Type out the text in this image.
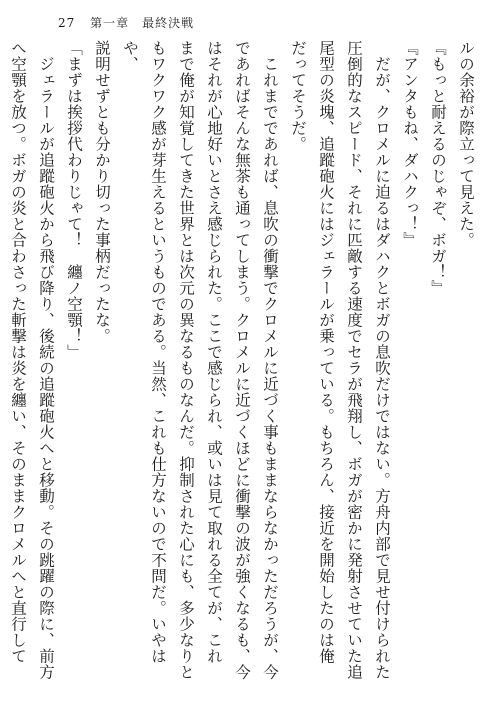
27 第一章　最終決戦

ルの余裕が際立って見えた。

『もっと耐えるのじゃぞ、ボガ！』

『アンタもね、ダハクっ！』

　だが、クロメルに迫るはダハクとボガの息吹だけではない。方舟内部で見せ付けられた

圧倒的なスピード、それに匹敵する速度でセラが飛翔し、ボガが密かに発射させていた追

尾型の炎塊、追蹤砲火にはジェラールが乗っている。もちろん、接近を開始したのは俺

だってそうだ。

　これまでであれば、息吹の衝撃でクロメルに近づく事もままならなかっただろうが、今

であればそんな無茶も通ってしまう。クロメルに近づくほどに衝撃の波が強くなるも、今

はそれが心地好いとさえ感じられた。ここで感じられ、或いは見て取れる全てが、これ

まで俺が知覚してきた世界とは次元の異なるものなんだ。抑制された心にも、多少なりと

もワクワク感が芽生えるというものである。当然、これも仕方ないので不問だ。いやはや、

説明せずとも分かり切った事柄だったな。

「まずは挨拶代わりじゃて！　纏ノ空顎！」

　ジェラールが追蹤砲火から飛び降り、後続の追蹤砲火へと移動。その跳躍の際に、前方

へ空顎を放つ。ボガの炎と合わさった斬撃は炎を纏い、そのままクロメルへと直行して
